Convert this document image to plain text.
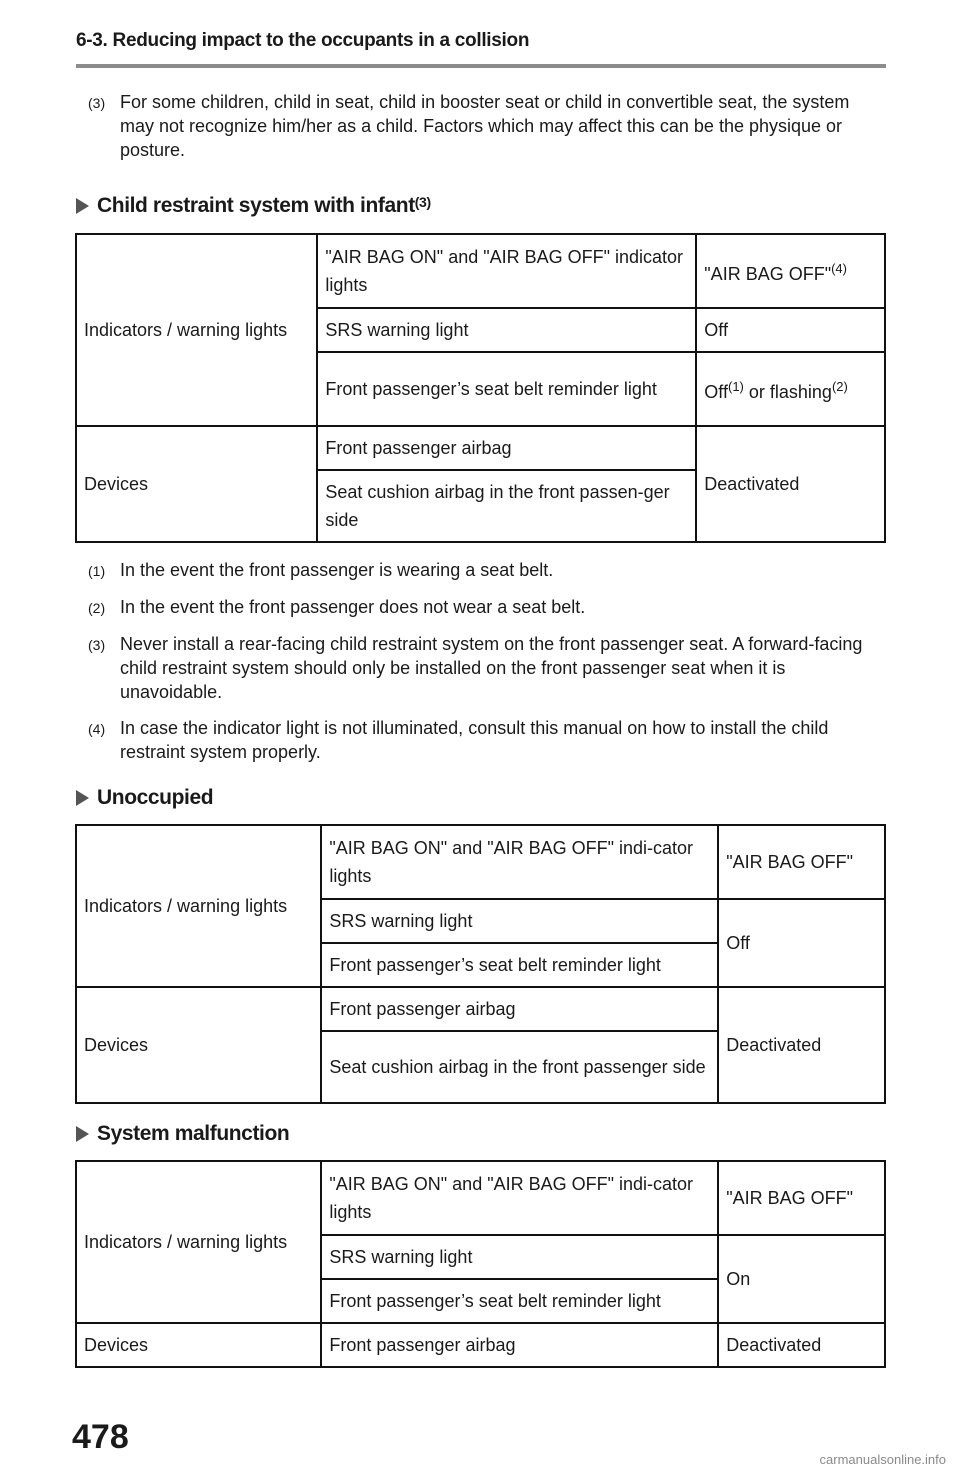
6-3. Reducing impact to the occupants in a collision
(3) For some children, child in seat, child in booster seat or child in convertible seat, the system may not recognize him/her as a child. Factors which may affect this can be the physique or posture.
Child restraint system with infant$^{(3)}$
Indicators / warning lights	"AIR BAG ON" and "AIR BAG OFF" indicator lights	"AIR BAG OFF"$^{(4)}$
	SRS warning light	Off
	Front passenger’s seat belt reminder light	Off$^{(1)}$ or flashing$^{(2)}$
Devices	Front passenger airbag	Deactivated
	Seat cushion airbag in the front passen-ger side	
(1) In the event the front passenger is wearing a seat belt.
(2) In the event the front passenger does not wear a seat belt.
(3) Never install a rear-facing child restraint system on the front passenger seat. A forward-facing child restraint system should only be installed on the front passenger seat when it is unavoidable.
(4) In case the indicator light is not illuminated, consult this manual on how to install the child restraint system properly.
Unoccupied
Indicators / warning lights	"AIR BAG ON" and "AIR BAG OFF" indi-cator lights	"AIR BAG OFF"
	SRS warning light	Off
	Front passenger’s seat belt reminder light	
Devices	Front passenger airbag	Deactivated
	Seat cushion airbag in the front passenger side	
System malfunction
Indicators / warning lights	"AIR BAG ON" and "AIR BAG OFF" indi-cator lights	"AIR BAG OFF"
	SRS warning light	On
	Front passenger’s seat belt reminder light	
Devices	Front passenger airbag	Deactivated
478
carmanualsonline.info
